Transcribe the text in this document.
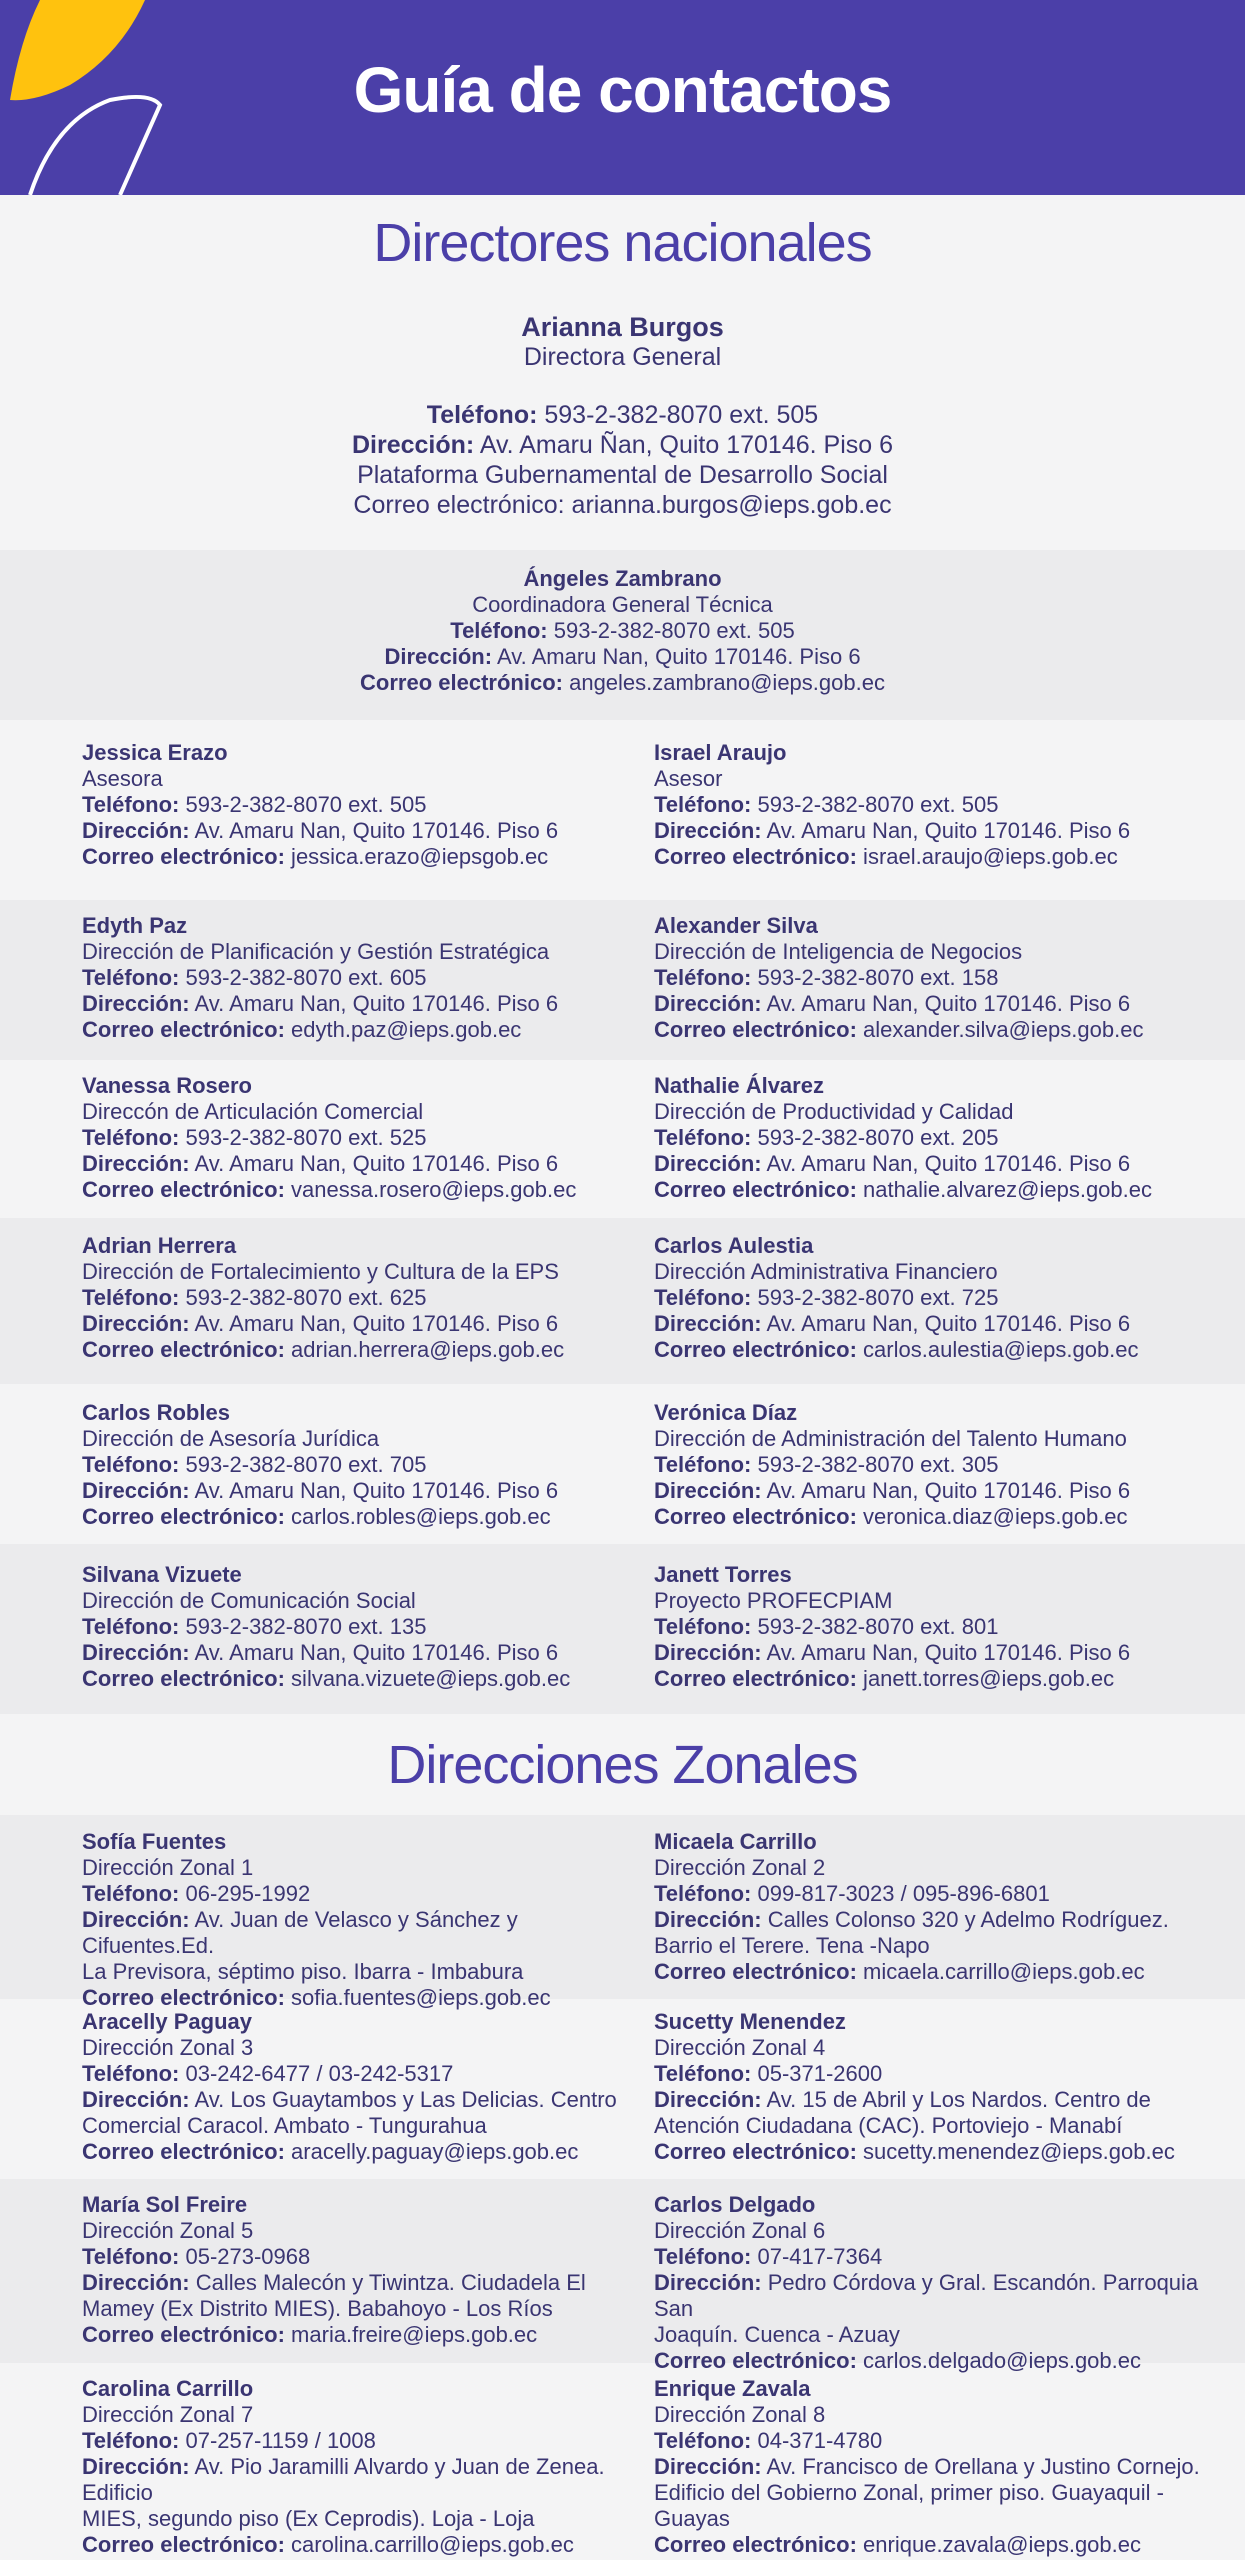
Guía de contactos
Directores nacionales
Arianna Burgos
Directora General
Teléfono: 593-2-382-8070 ext. 505
Dirección: Av. Amaru Ñan, Quito 170146. Piso 6
Plataforma Gubernamental de Desarrollo Social
Correo electrónico: arianna.burgos@ieps.gob.ec
Ángeles Zambrano
Coordinadora General Técnica
Teléfono: 593-2-382-8070 ext. 505
Dirección: Av. Amaru Nan, Quito 170146. Piso 6
Correo electrónico: angeles.zambrano@ieps.gob.ec
Direcciones Zonales
Jessica Erazo
Asesora
Teléfono: 593-2-382-8070 ext. 505
Dirección: Av. Amaru Nan, Quito 170146. Piso 6
Correo electrónico: jessica.erazo@iepsgob.ec
Israel Araujo
Asesor
Teléfono: 593-2-382-8070 ext. 505
Dirección: Av. Amaru Nan, Quito 170146. Piso 6
Correo electrónico: israel.araujo@ieps.gob.ec
Edyth Paz
Dirección de Planificación y Gestión Estratégica
Teléfono: 593-2-382-8070 ext. 605
Dirección: Av. Amaru Nan, Quito 170146. Piso 6
Correo electrónico: edyth.paz@ieps.gob.ec
Alexander Silva
Dirección de Inteligencia de Negocios
Teléfono: 593-2-382-8070 ext. 158
Dirección: Av. Amaru Nan, Quito 170146. Piso 6
Correo electrónico: alexander.silva@ieps.gob.ec
Vanessa Rosero
Direccón de Articulación Comercial
Teléfono: 593-2-382-8070 ext. 525
Dirección: Av. Amaru Nan, Quito 170146. Piso 6
Correo electrónico: vanessa.rosero@ieps.gob.ec
Nathalie Álvarez
Dirección de Productividad y Calidad
Teléfono: 593-2-382-8070 ext. 205
Dirección: Av. Amaru Nan, Quito 170146. Piso 6
Correo electrónico: nathalie.alvarez@ieps.gob.ec
Adrian Herrera
Dirección de Fortalecimiento y Cultura de la EPS
Teléfono: 593-2-382-8070 ext. 625
Dirección: Av. Amaru Nan, Quito 170146. Piso 6
Correo electrónico: adrian.herrera@ieps.gob.ec
Carlos Aulestia
Dirección Administrativa Financiero
Teléfono: 593-2-382-8070 ext. 725
Dirección: Av. Amaru Nan, Quito 170146. Piso 6
Correo electrónico: carlos.aulestia@ieps.gob.ec
Carlos Robles
Dirección de Asesoría Jurídica
Teléfono: 593-2-382-8070 ext. 705
Dirección: Av. Amaru Nan, Quito 170146. Piso 6
Correo electrónico: carlos.robles@ieps.gob.ec
Verónica Díaz
Dirección de Administración del Talento Humano
Teléfono: 593-2-382-8070 ext. 305
Dirección: Av. Amaru Nan, Quito 170146. Piso 6
Correo electrónico: veronica.diaz@ieps.gob.ec
Silvana Vizuete
Dirección de Comunicación Social
Teléfono: 593-2-382-8070 ext. 135
Dirección: Av. Amaru Nan, Quito 170146. Piso 6
Correo electrónico: silvana.vizuete@ieps.gob.ec
Janett Torres
Proyecto PROFECPIAM
Teléfono: 593-2-382-8070 ext. 801
Dirección: Av. Amaru Nan, Quito 170146. Piso 6
Correo electrónico: janett.torres@ieps.gob.ec
Sofía Fuentes
Dirección Zonal 1
Teléfono: 06-295-1992
Dirección: Av. Juan de Velasco y Sánchez y Cifuentes.Ed.
La Previsora, séptimo piso. Ibarra - Imbabura
Correo electrónico: sofia.fuentes@ieps.gob.ec
Micaela Carrillo
Dirección Zonal 2
Teléfono: 099-817-3023 / 095-896-6801
Dirección: Calles Colonso 320 y Adelmo Rodríguez.
Barrio el Terere. Tena -Napo
Correo electrónico: micaela.carrillo@ieps.gob.ec
Aracelly Paguay
Dirección Zonal 3
Teléfono: 03-242-6477 / 03-242-5317
Dirección: Av. Los Guaytambos y Las Delicias. Centro
Comercial Caracol. Ambato - Tungurahua
Correo electrónico: aracelly.paguay@ieps.gob.ec
Sucetty Menendez
Dirección Zonal 4
Teléfono: 05-371-2600
Dirección: Av. 15 de Abril y Los Nardos. Centro de
Atención Ciudadana (CAC). Portoviejo - Manabí
Correo electrónico: sucetty.menendez@ieps.gob.ec
María Sol Freire
Dirección Zonal 5
Teléfono: 05-273-0968
Dirección: Calles Malecón y Tiwintza. Ciudadela El
Mamey (Ex Distrito MIES). Babahoyo - Los Ríos
Correo electrónico: maria.freire@ieps.gob.ec
Carlos Delgado
Dirección Zonal 6
Teléfono: 07-417-7364
Dirección: Pedro Córdova y Gral. Escandón. Parroquia San
Joaquín. Cuenca - Azuay
Correo electrónico: carlos.delgado@ieps.gob.ec
Carolina Carrillo
Dirección Zonal 7
Teléfono: 07-257-1159 / 1008
Dirección: Av. Pio Jaramilli Alvardo y Juan de Zenea. Edificio
MIES, segundo piso (Ex Ceprodis). Loja - Loja
Correo electrónico: carolina.carrillo@ieps.gob.ec
Enrique Zavala
Dirección Zonal 8
Teléfono: 04-371-4780
Dirección: Av. Francisco de Orellana y Justino Cornejo.
Edificio del Gobierno Zonal, primer piso. Guayaquil - Guayas
Correo electrónico: enrique.zavala@ieps.gob.ec
